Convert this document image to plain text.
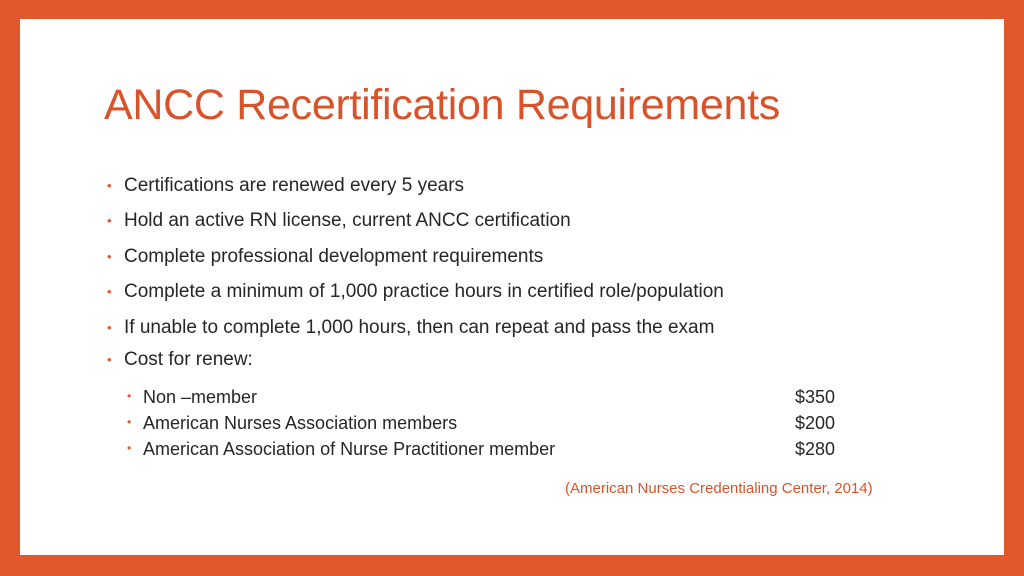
ANCC Recertification Requirements
• Certifications are renewed every 5 years
• Hold an active RN license, current ANCC certification
• Complete professional development requirements
• Complete a minimum of 1,000 practice hours in certified role/population
• If unable to complete 1,000 hours, then can repeat and pass the exam
• Cost for renew:
• Non –member	$350
• American Nurses Association members	$200
• American Association of Nurse Practitioner member	$280
(American Nurses Credentialing Center, 2014)
